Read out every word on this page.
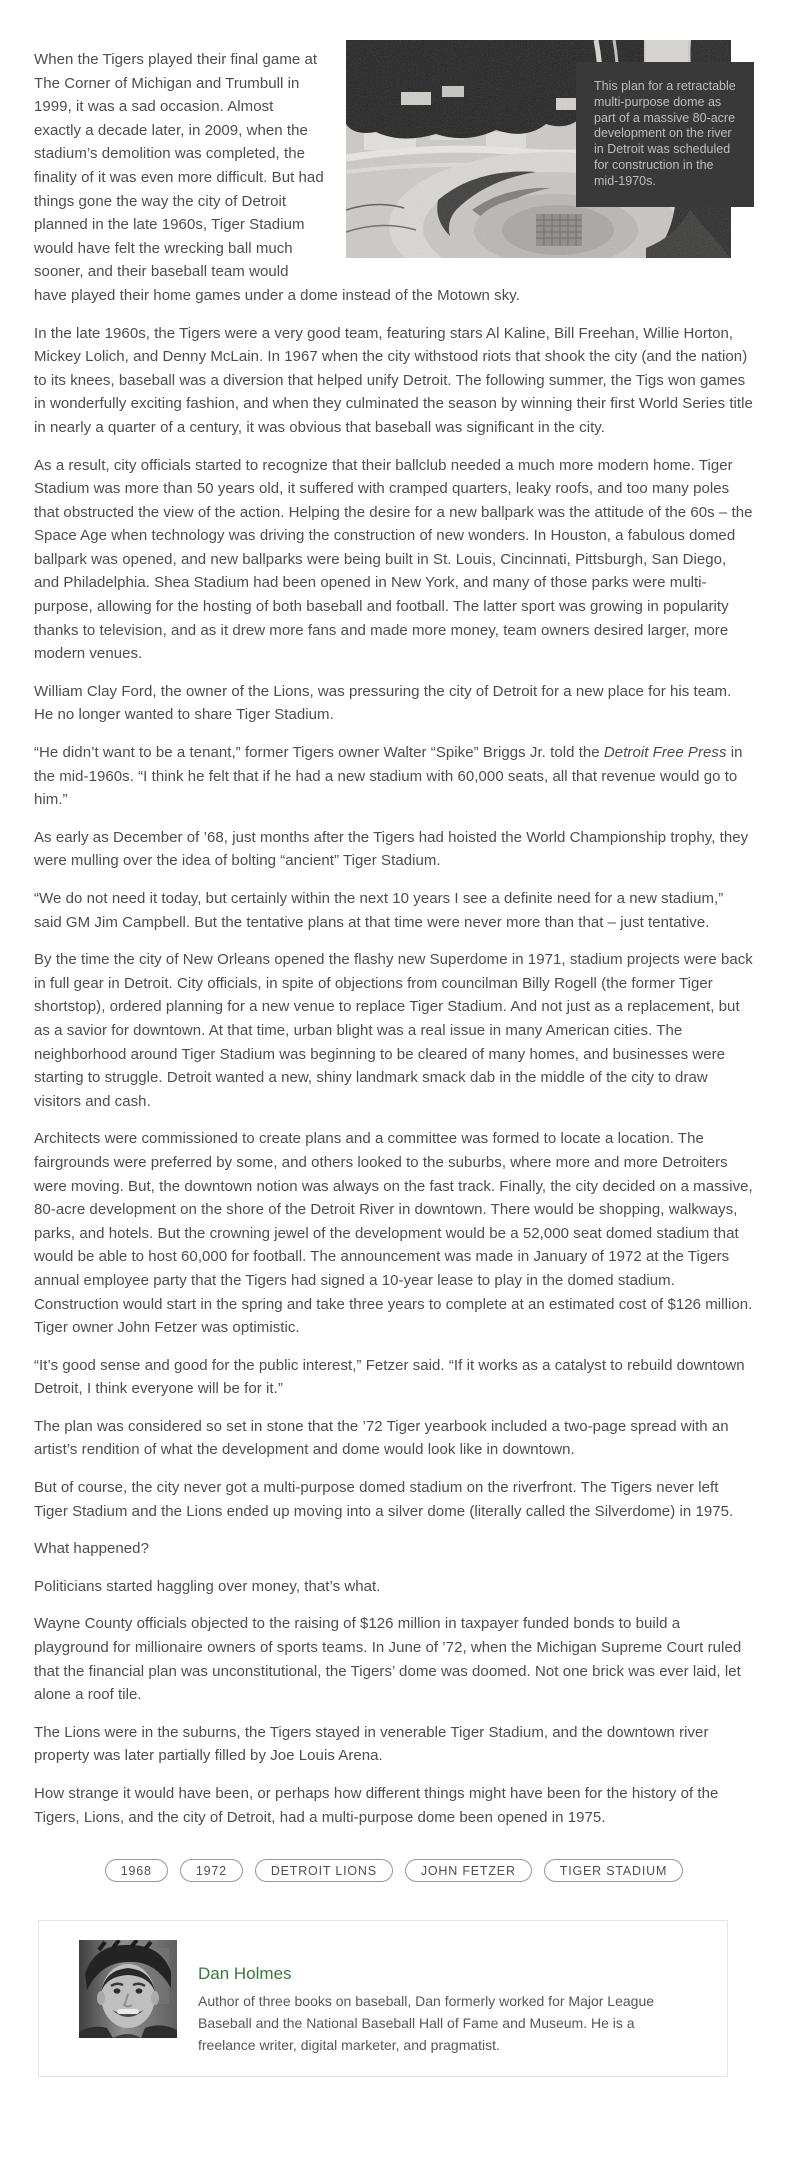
This plan for a retractable multi-purpose dome as part of a massive 80-acre development on the river in Detroit was scheduled for construction in the mid-1970s.

When the Tigers played their final game at The Corner of Michigan and Trumbull in 1999, it was a sad occasion. Almost exactly a decade later, in 2009, when the stadium’s demolition was completed, the finality of it was even more difficult. But had things gone the way the city of Detroit planned in the late 1960s, Tiger Stadium would have felt the wrecking ball much sooner, and their baseball team would have played their home games under a dome instead of the Motown sky.

In the late 1960s, the Tigers were a very good team, featuring stars Al Kaline, Bill Freehan, Willie Horton, Mickey Lolich, and Denny McLain. In 1967 when the city withstood riots that shook the city (and the nation) to its knees, baseball was a diversion that helped unify Detroit. The following summer, the Tigs won games in wonderfully exciting fashion, and when they culminated the season by winning their first World Series title in nearly a quarter of a century, it was obvious that baseball was significant in the city.

As a result, city officials started to recognize that their ballclub needed a much more modern home. Tiger Stadium was more than 50 years old, it suffered with cramped quarters, leaky roofs, and too many poles that obstructed the view of the action. Helping the desire for a new ballpark was the attitude of the 60s – the Space Age when technology was driving the construction of new wonders. In Houston, a fabulous domed ballpark was opened, and new ballparks were being built in St. Louis, Cincinnati, Pittsburgh, San Diego, and Philadelphia. Shea Stadium had been opened in New York, and many of those parks were multi-purpose, allowing for the hosting of both baseball and football. The latter sport was growing in popularity thanks to television, and as it drew more fans and made more money, team owners desired larger, more modern venues.

William Clay Ford, the owner of the Lions, was pressuring the city of Detroit for a new place for his team. He no longer wanted to share Tiger Stadium.

“He didn’t want to be a tenant,” former Tigers owner Walter “Spike” Briggs Jr. told the Detroit Free Press in the mid-1960s. “I think he felt that if he had a new stadium with 60,000 seats, all that revenue would go to him.”

As early as December of ’68, just months after the Tigers had hoisted the World Championship trophy, they were mulling over the idea of bolting “ancient” Tiger Stadium.

“We do not need it today, but certainly within the next 10 years I see a definite need for a new stadium,” said GM Jim Campbell. But the tentative plans at that time were never more than that – just tentative.

By the time the city of New Orleans opened the flashy new Superdome in 1971, stadium projects were back in full gear in Detroit. City officials, in spite of objections from councilman Billy Rogell (the former Tiger shortstop), ordered planning for a new venue to replace Tiger Stadium. And not just as a replacement, but as a savior for downtown. At that time, urban blight was a real issue in many American cities. The neighborhood around Tiger Stadium was beginning to be cleared of many homes, and businesses were starting to struggle. Detroit wanted a new, shiny landmark smack dab in the middle of the city to draw visitors and cash.

Architects were commissioned to create plans and a committee was formed to locate a location. The fairgrounds were preferred by some, and others looked to the suburbs, where more and more Detroiters were moving. But, the downtown notion was always on the fast track. Finally, the city decided on a massive, 80-acre development on the shore of the Detroit River in downtown. There would be shopping, walkways, parks, and hotels. But the crowning jewel of the development would be a 52,000 seat domed stadium that would be able to host 60,000 for football. The announcement was made in January of 1972 at the Tigers annual employee party that the Tigers had signed a 10-year lease to play in the domed stadium. Construction would start in the spring and take three years to complete at an estimated cost of $126 million. Tiger owner John Fetzer was optimistic.

“It’s good sense and good for the public interest,” Fetzer said. “If it works as a catalyst to rebuild downtown Detroit, I think everyone will be for it.”

The plan was considered so set in stone that the ’72 Tiger yearbook included a two-page spread with an artist’s rendition of what the development and dome would look like in downtown.

But of course, the city never got a multi-purpose domed stadium on the riverfront. The Tigers never left Tiger Stadium and the Lions ended up moving into a silver dome (literally called the Silverdome) in 1975.

What happened?

Politicians started haggling over money, that’s what.

Wayne County officials objected to the raising of $126 million in taxpayer funded bonds to build a playground for millionaire owners of sports teams. In June of ’72, when the Michigan Supreme Court ruled that the financial plan was unconstitutional, the Tigers’ dome was doomed. Not one brick was ever laid, let alone a roof tile.

The Lions were in the suburns, the Tigers stayed in venerable Tiger Stadium, and the downtown river property was later partially filled by Joe Louis Arena.

How strange it would have been, or perhaps how different things might have been for the history of the Tigers, Lions, and the city of Detroit, had a multi-purpose dome been opened in 1975.

1968	1972	DETROIT LIONS	JOHN FETZER	TIGER STADIUM
Dan Holmes

Author of three books on baseball, Dan formerly worked for Major League Baseball and the National Baseball Hall of Fame and Museum. He is a freelance writer, digital marketer, and pragmatist.
